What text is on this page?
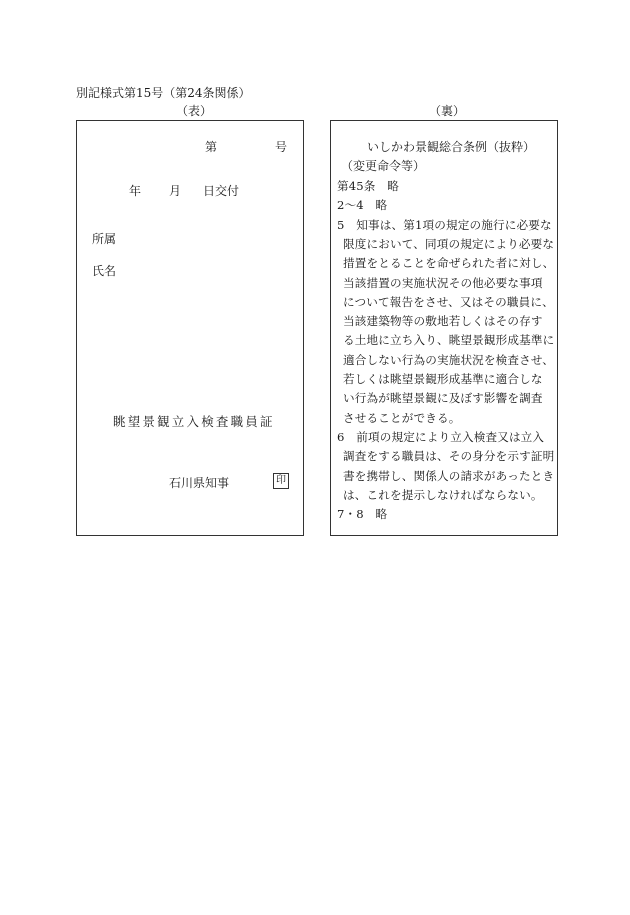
別記様式第15号（第24条関係）
（表）	（裏）
第	号
年 月 日交付
所属
氏名
眺望景観立入検査職員証
石川県知事	印
いしかわ景観総合条例（抜粋）
（変更命令等）
第45条　略
2〜4　略
5　知事は、第1項の規定の施行に必要な
限度において、同項の規定により必要な
措置をとることを命ぜられた者に対し、
当該措置の実施状況その他必要な事項
について報告をさせ、又はその職員に、
当該建築物等の敷地若しくはその存す
る土地に立ち入り、眺望景観形成基準に
適合しない行為の実施状況を検査させ、
若しくは眺望景観形成基準に適合しな
い行為が眺望景観に及ぼす影響を調査
させることができる。
6　前項の規定により立入検査又は立入
調査をする職員は、その身分を示す証明
書を携帯し、関係人の請求があったとき
は、これを提示しなければならない。
7・8　略
